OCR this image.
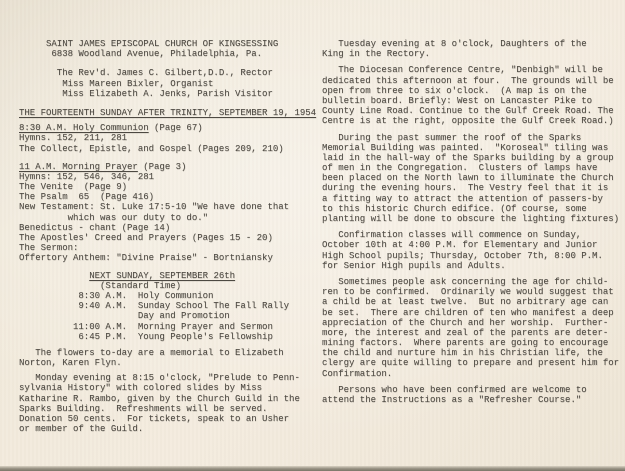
SAINT JAMES EPISCOPAL CHURCH OF KINGSESSING
6838 Woodland Avenue, Philadelphia, Pa.
The Rev'd. James C. Gilbert,D.D., Rector
Miss Mareen Bixler, Organist
Miss Elizabeth A. Jenks, Parish Visitor
THE FOURTEENTH SUNDAY AFTER TRINITY, SEPTEMBER 19, 1954
8:30 A.M. Holy Communion (Page 67)
Hymns. 152, 211, 281
The Collect, Epistle, and Gospel (Pages 209, 210)
11 A.M. Morning Prayer (Page 3)
Hymns: 152, 546, 346, 281
The Venite  (Page 9)
The Psalm  65  (Page 416)
New Testament: St. Luke 17:5-10 "We have done that
which was our duty to do."
Benedictus - chant (Page 14)
The Apostles' Creed and Prayers (Pages 15 - 20)
The Sermon:
Offertory Anthem: "Divine Praise" - Bortniansky
NEXT SUNDAY, SEPTEMBER 26th
(Standard Time)
8:30 A.M.  Holy Communion
9:40 A.M.  Sunday School The Fall Rally
Day and Promotion
11:00 A.M.  Morning Prayer and Sermon
6:45 P.M.  Young People's Fellowship
The flowers to-day are a memorial to Elizabeth
Norton, Karen Flyn.
Monday evening at 8:15 o'clock, "Prelude to Penn-
sylvania History" with colored slides by Miss
Katharine R. Rambo, given by the Church Guild in the
Sparks Building.  Refreshments will be served.
Donation 50 cents.  For tickets, speak to an Usher
or member of the Guild.
Tuesday evening at 8 o'clock, Daughters of the
King in the Rectory.
The Diocesan Conference Centre, "Denbigh" will be
dedicated this afternoon at four.  The grounds will be
open from three to six o'clock.  (A map is on the
bulletin board. Briefly: West on Lancaster Pike to
County Line Road. Continue to the Gulf Creek Road. The
Centre is at the right, opposite the Gulf Creek Road.)
During the past summer the roof of the Sparks
Memorial Building was painted.  "Koroseal" tiling was
laid in the hall-way of the Sparks building by a group
of men in the Congregation.  Clusters of lamps have
been placed on the North lawn to illuminate the Church
during the evening hours.  The Vestry feel that it is
a fitting way to attract the attention of passers-by
to this historic Church edifice. (Of course, some
planting will be done to obscure the lighting fixtures)
Confirmation classes will commence on Sunday,
October 10th at 4:00 P.M. for Elementary and Junior
High School pupils; Thursday, October 7th, 8:00 P.M.
for Senior High pupils and Adults.
Sometimes people ask concerning the age for child-
ren to be confirmed.  Ordinarily we would suggest that
a child be at least twelve.  But no arbitrary age can
be set.  There are children of ten who manifest a deep
appreciation of the Church and her worship.  Further-
more, the interest and zeal of the parents are deter-
mining factors.  Where parents are going to encourage
the child and nurture him in his Christian life, the
clergy are quite willing to prepare and present him for
Confirmation.
Persons who have been confirmed are welcome to
attend the Instructions as a "Refresher Course."
